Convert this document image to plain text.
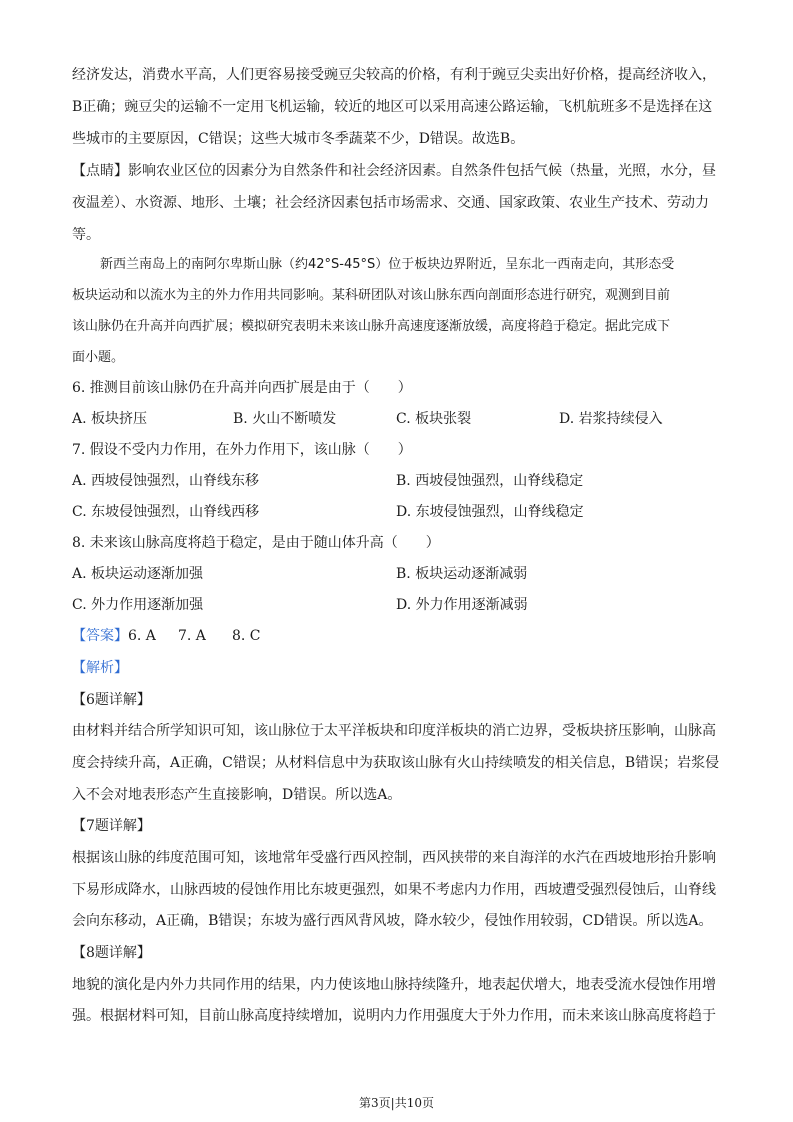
经济发达，消费水平高，人们更容易接受豌豆尖较高的价格，有利于豌豆尖卖出好价格，提高经济收入，

B正确；豌豆尖的运输不一定用飞机运输，较近的地区可以采用高速公路运输，飞机航班多不是选择在这

些城市的主要原因，C错误；这些大城市冬季蔬菜不少，D错误。故选B。

【点睛】影响农业区位的因素分为自然条件和社会经济因素。自然条件包括气候（热量，光照，水分，昼

夜温差）、水资源、地形、土壤；社会经济因素包括市场需求、交通、国家政策、农业生产技术、劳动力

等。

新西兰南岛上的南阿尔卑斯山脉（约42°S-45°S）位于板块边界附近，呈东北一西南走向，其形态受

板块运动和以流水为主的外力作用共同影响。某科研团队对该山脉东西向剖面形态进行研究，观测到目前

该山脉仍在升高并向西扩展；模拟研究表明未来该山脉升高速度逐渐放缓，高度将趋于稳定。据此完成下

面小题。

6. 推测目前该山脉仍在升高并向西扩展是由于（　　）

A. 板块挤压	B. 火山不断喷发	C. 板块张裂	D. 岩浆持续侵入

7. 假设不受内力作用，在外力作用下，该山脉（　　）

A. 西坡侵蚀强烈，山脊线东移	B. 西坡侵蚀强烈，山脊线稳定
C. 东坡侵蚀强烈，山脊线西移	D. 东坡侵蚀强烈，山脊线稳定

8. 未来该山脉高度将趋于稳定，是由于随山体升高（　　）

A. 板块运动逐渐加强	B. 板块运动逐渐减弱
C. 外力作用逐渐加强	D. 外力作用逐渐减弱
【答案】 6. A 7. A 8. C

【解析】

【6题详解】

由材料并结合所学知识可知，该山脉位于太平洋板块和印度洋板块的消亡边界，受板块挤压影响，山脉高

度会持续升高，A正确，C错误；从材料信息中为获取该山脉有火山持续喷发的相关信息，B错误；岩浆侵

入不会对地表形态产生直接影响，D错误。所以选A。

【7题详解】

根据该山脉的纬度范围可知，该地常年受盛行西风控制，西风挟带的来自海洋的水汽在西坡地形抬升影响

下易形成降水，山脉西坡的侵蚀作用比东坡更强烈，如果不考虑内力作用，西坡遭受强烈侵蚀后，山脊线

会向东移动，A正确，B错误；东坡为盛行西风背风坡，降水较少，侵蚀作用较弱，CD错误。所以选A。

【8题详解】

地貌的演化是内外力共同作用的结果，内力使该地山脉持续隆升，地表起伏增大，地表受流水侵蚀作用增

强。根据材料可知，目前山脉高度持续增加，说明内力作用强度大于外力作用，而未来该山脉高度将趋于

第3页|共10页
